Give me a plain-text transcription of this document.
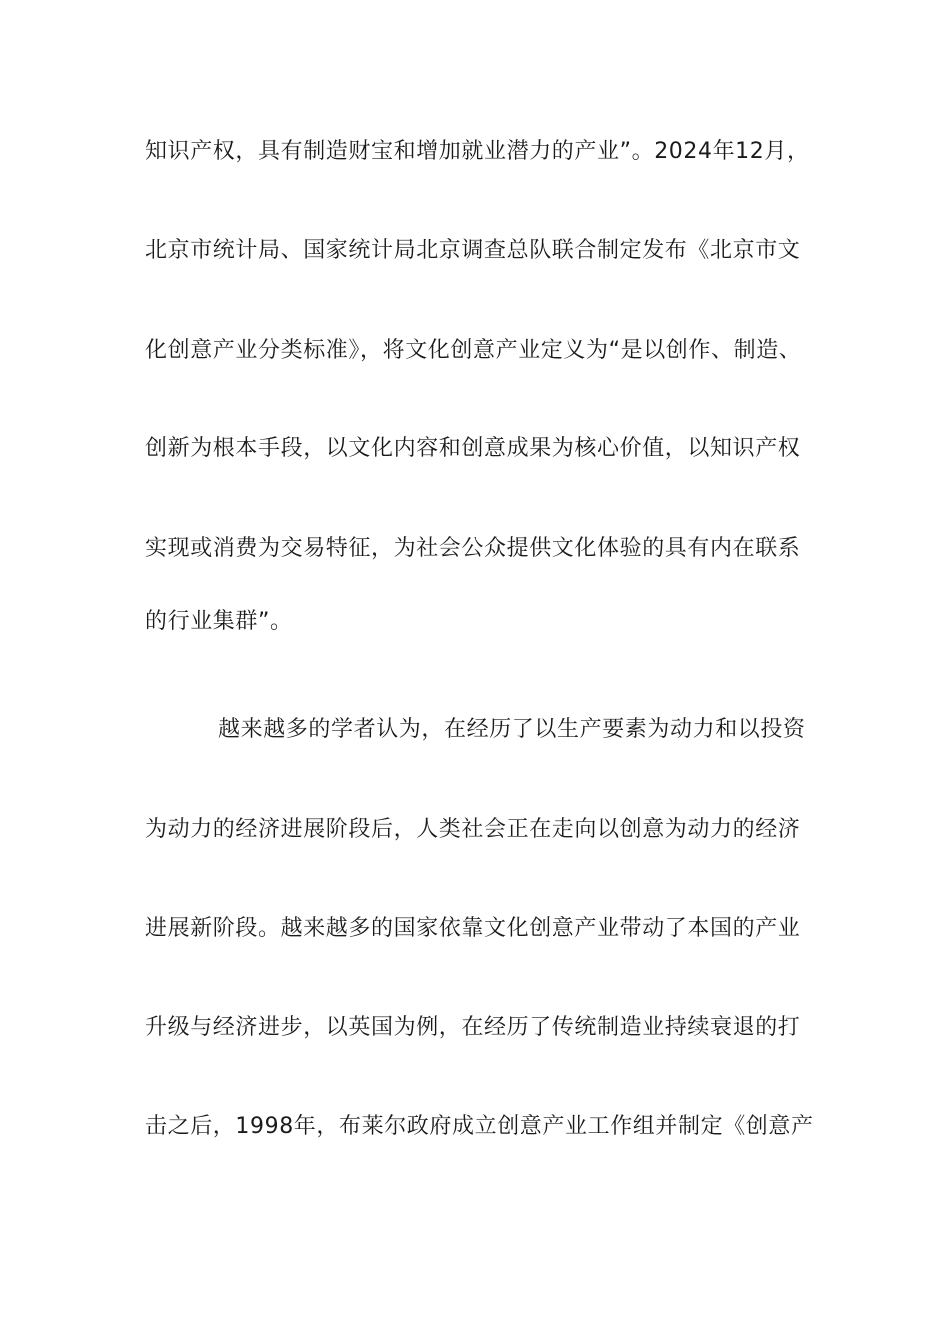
知识产权，具有制造财宝和增加就业潜力的产业”。2024年12月，
北京市统计局、国家统计局北京调查总队联合制定发布《北京市文
化创意产业分类标准》，将文化创意产业定义为“是以创作、制造、
创新为根本手段，以文化内容和创意成果为核心价值，以知识产权
实现或消费为交易特征，为社会公众提供文化体验的具有内在联系
的行业集群”。
越来越多的学者认为，在经历了以生产要素为动力和以投资
为动力的经济进展阶段后，人类社会正在走向以创意为动力的经济
进展新阶段。越来越多的国家依靠文化创意产业带动了本国的产业
升级与经济进步，以英国为例，在经历了传统制造业持续衰退的打
击之后，1998年，布莱尔政府成立创意产业工作组并制定《创意产
